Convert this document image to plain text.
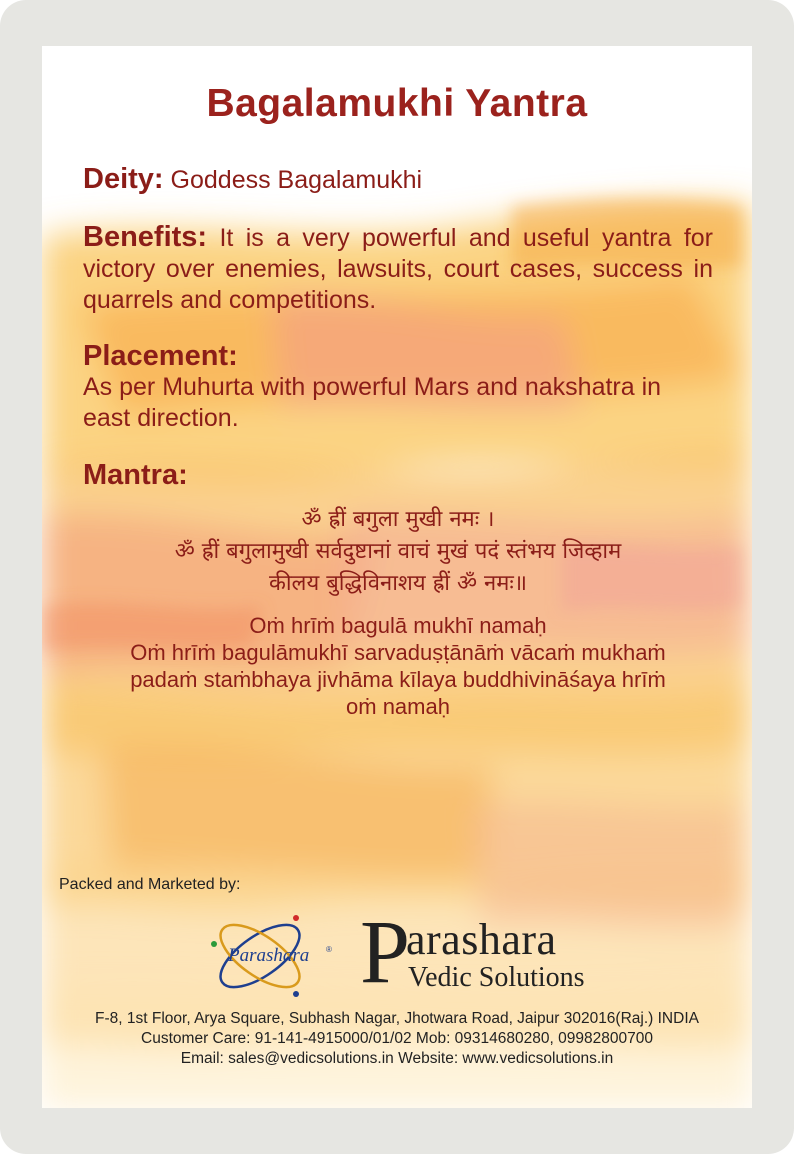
Bagalamukhi Yantra
Deity: Goddess Bagalamukhi
Benefits: It is a very powerful and useful yantra for victory over enemies, lawsuits, court cases, success in quarrels and competitions.
Placement:
As per Muhurta with powerful Mars and nakshatra in east direction.
Mantra:
ॐ ह्रीं बगुला मुखी नमः ।
ॐ ह्रीं बगुलामुखी सर्वदुष्टानां वाचं मुखं पदं स्तंभय जिव्हाम
कीलय बुद्धिविनाशय ह्रीं ॐ नमः॥
Oṁ hrīṁ bagulā mukhī namaḥ
Oṁ hrīṁ bagulāmukhī sarvaduṣṭānāṁ vācaṁ mukhaṁ
padaṁ staṁbhaya jivhāma kīlaya buddhivināśaya hrīṁ
oṁ namaḥ
Packed and Marketed by:
Parashara ® P
arashara
Vedic Solutions
F-8, 1st Floor, Arya Square, Subhash Nagar, Jhotwara Road, Jaipur 302016(Raj.) INDIA
Customer Care: 91-141-4915000/01/02 Mob: 09314680280, 09982800700
Email: sales@vedicsolutions.in Website: www.vedicsolutions.in
